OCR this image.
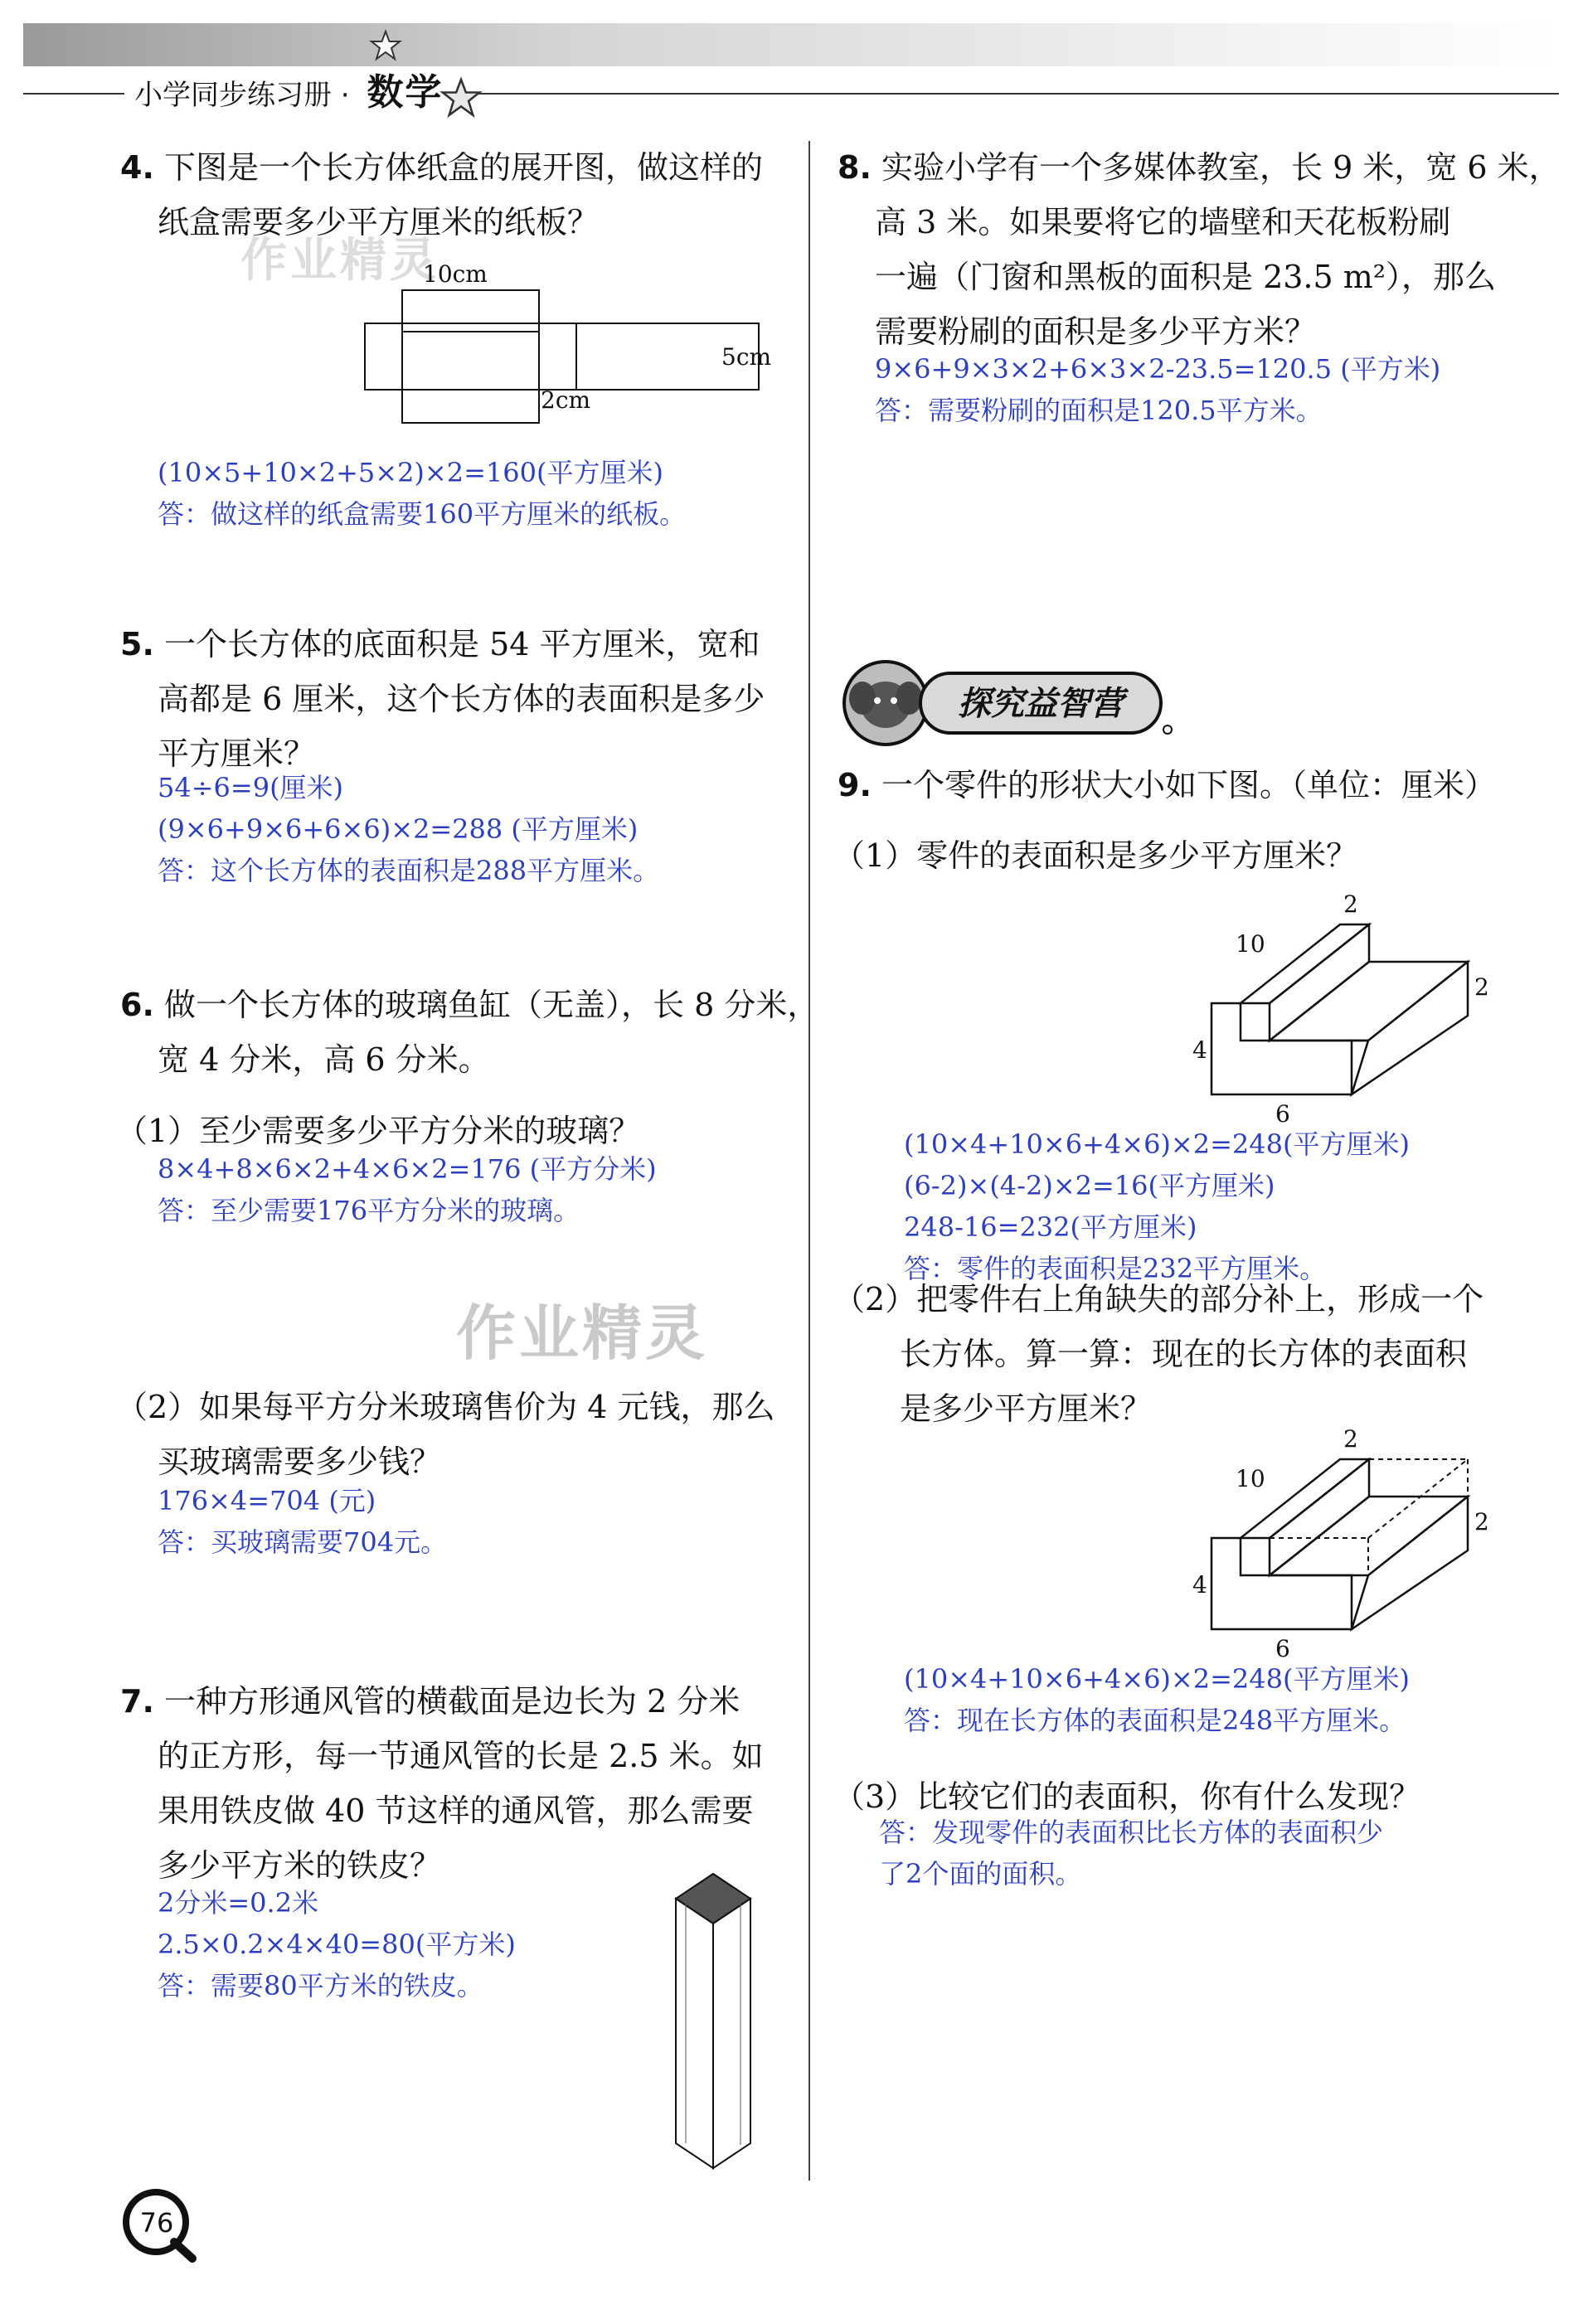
小学同步练习册 · 数学
作业精灵
作业精灵
4. 下图是一个长方体纸盒的展开图，做这样的
纸盒需要多少平方厘米的纸板？
10cm
5cm
2cm
(10×5+10×2+5×2)×2=160(平方厘米)
答：做这样的纸盒需要160平方厘米的纸板。
5. 一个长方体的底面积是 54 平方厘米，宽和
高都是 6 厘米，这个长方体的表面积是多少
平方厘米？
54÷6=9(厘米)
(9×6+9×6+6×6)×2=288 (平方厘米)
答：这个长方体的表面积是288平方厘米。
6. 做一个长方体的玻璃鱼缸（无盖），长 8 分米，
宽 4 分米，高 6 分米。
（1）至少需要多少平方分米的玻璃？
8×4+8×6×2+4×6×2=176 (平方分米)
答：至少需要176平方分米的玻璃。
（2）如果每平方分米玻璃售价为 4 元钱，那么
买玻璃需要多少钱？
176×4=704 (元)
答：买玻璃需要704元。
7. 一种方形通风管的横截面是边长为 2 分米
的正方形，每一节通风管的长是 2.5 米。如
果用铁皮做 40 节这样的通风管，那么需要
多少平方米的铁皮？
2分米=0.2米
2.5×0.2×4×40=80(平方米)
答：需要80平方米的铁皮。
8. 实验小学有一个多媒体教室，长 9 米，宽 6 米，
高 3 米。如果要将它的墙壁和天花板粉刷
一遍（门窗和黑板的面积是 23.5 m²），那么
需要粉刷的面积是多少平方米？
9×6+9×3×2+6×3×2-23.5=120.5 (平方米)
答：需要粉刷的面积是120.5平方米。
探究益智营
9. 一个零件的形状大小如下图。（单位：厘米）
（1）零件的表面积是多少平方厘米？
2
10
2
4
6
(10×4+10×6+4×6)×2=248(平方厘米)
(6-2)×(4-2)×2=16(平方厘米)
248-16=232(平方厘米)
答：零件的表面积是232平方厘米。
（2）把零件右上角缺失的部分补上，形成一个
长方体。算一算：现在的长方体的表面积
是多少平方厘米？
2
10
2
4
6
(10×4+10×6+4×6)×2=248(平方厘米)
答：现在长方体的表面积是248平方厘米。
（3）比较它们的表面积，你有什么发现？
答：发现零件的表面积比长方体的表面积少
了2个面的面积。
76
